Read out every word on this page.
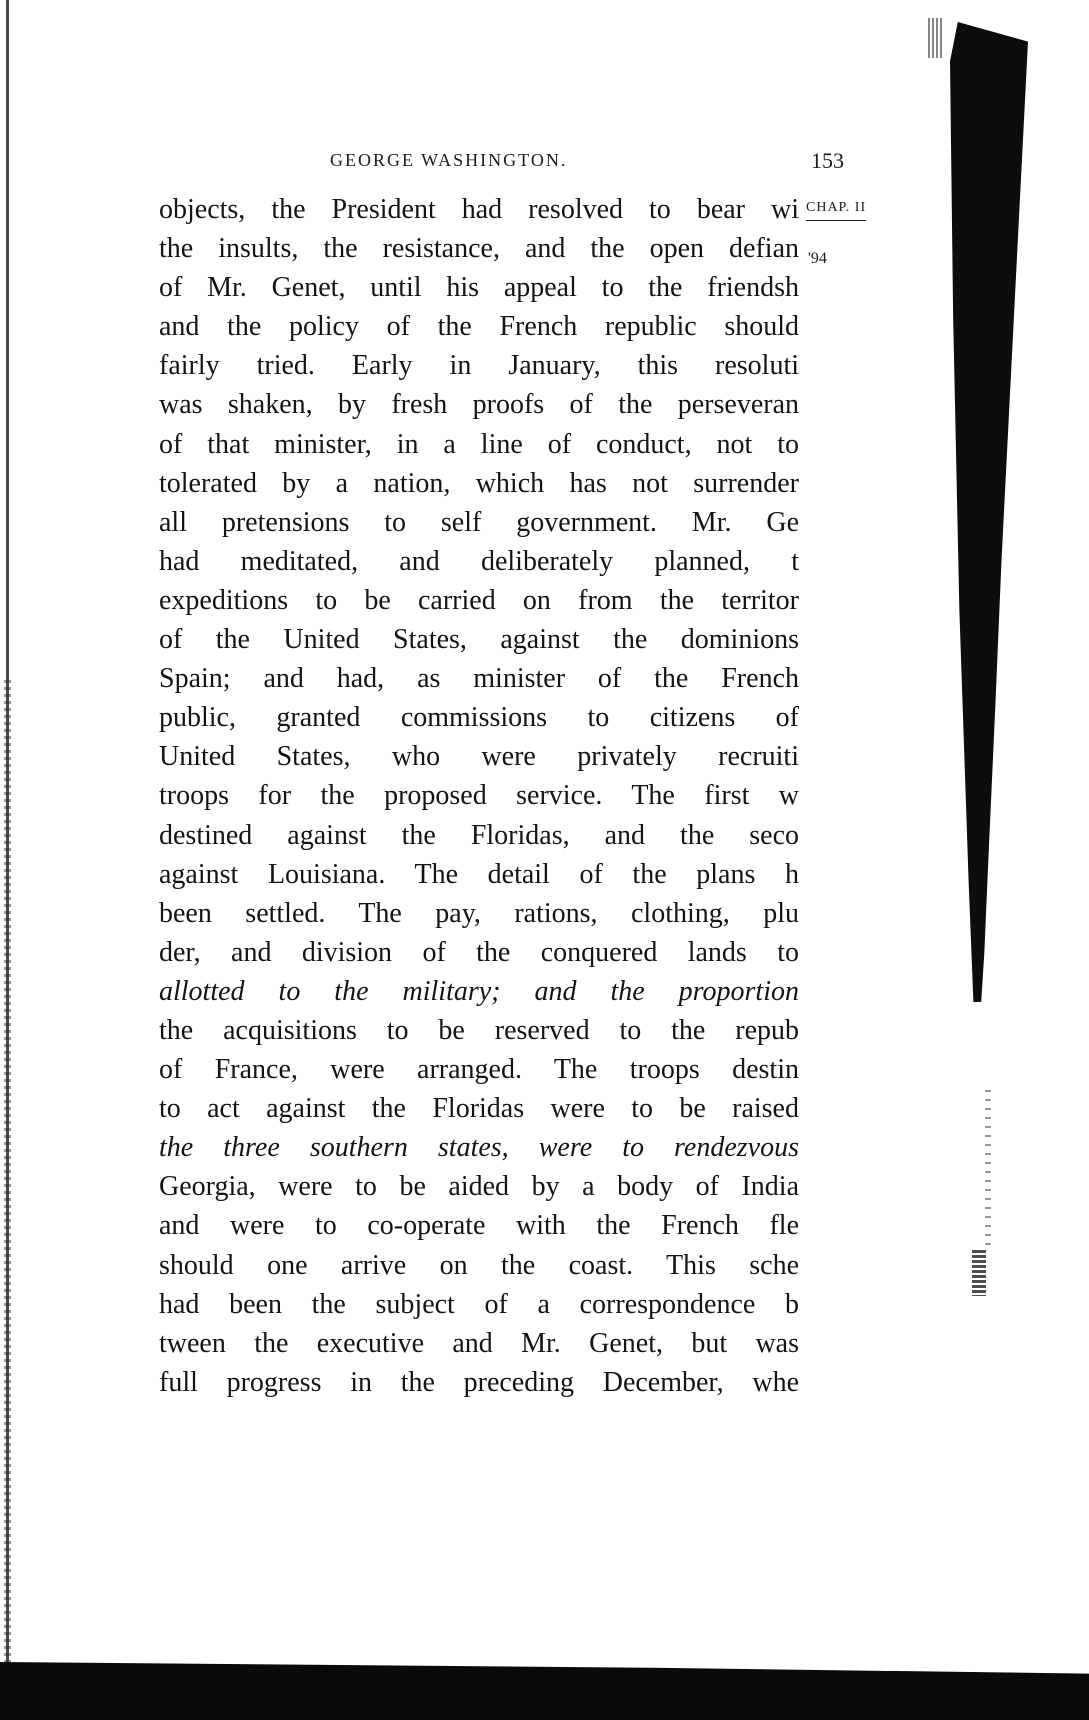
GEORGE WASHINGTON.	153
CHAP. II
'94
objects, the President had resolved to bear wi
the insults, the resistance, and the open defian
of Mr. Genet, until his appeal to the friendsh
and the policy of the French republic should
fairly tried. Early in January, this resoluti
was shaken, by fresh proofs of the perseveran
of that minister, in a line of conduct, not to
tolerated by a nation, which has not surrender
all pretensions to self government. Mr. Ge
had meditated, and deliberately planned, t
expeditions to be carried on from the territor
of the United States, against the dominions
Spain; and had, as minister of the French
public, granted commissions to citizens of
United States, who were privately recruiti
troops for the proposed service. The first w
destined against the Floridas, and the seco
against Louisiana. The detail of the plans h
been settled. The pay, rations, clothing, plu
der, and division of the conquered lands to
allotted to the military; and the proportion
the acquisitions to be reserved to the repub
of France, were arranged. The troops destin
to act against the Floridas were to be raised
the three southern states, were to rendezvous
Georgia, were to be aided by a body of India
and were to co-operate with the French fle
should one arrive on the coast. This sche
had been the subject of a correspondence b
tween the executive and Mr. Genet, but was
full progress in the preceding December, whe
